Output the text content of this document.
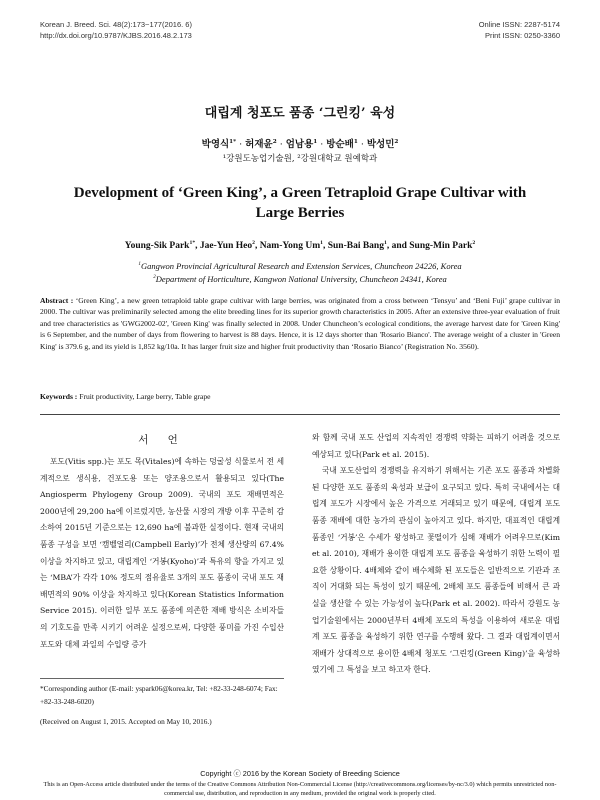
Korean J. Breed. Sci. 48(2):173~177(2016. 6)
http://dx.doi.org/10.9787/KJBS.2016.48.2.173
Online ISSN: 2287-5174
Print ISSN: 0250-3360
대립계 청포도 품종 ‘그린킹’ 육성
박영식$^{1*}$ · 허재윤$^2$ · 엄남용$^1$ · 방순배$^1$ · 박성민$^2$
¹강원도농업기술원, ²강원대학교 원예학과
Development of ‘Green King’, a Green Tetraploid Grape Cultivar with
Large Berries
Young-Sik Park$^{1*}$, Jae-Yun Heo$^2$, Nam-Yong Um$^1$, Sun-Bai Bang$^1$, and Sung-Min Park$^2$
$^1$Gangwon Provincial Agricultural Research and Extension Services, Chuncheon 24226, Korea
$^2$Department of Horticulture, Kangwon National University, Chuncheon 24341, Korea
Abstract : ‘Green King’, a new green tetraploid table grape cultivar with large berries, was originated from a cross between ‘Tensyu’ and ‘Beni Fuji’ grape cultivar in 2000. The cultivar was preliminarily selected among the elite breeding lines for its superior growth characteristics in 2005. After an extensive three-year evaluation of fruit and tree characteristics as 'GWG2002-02', 'Green King' was finally selected in 2008. Under Chuncheon’s ecological conditions, the average harvest date for 'Green King' is 6 September, and the number of days from flowering to harvest is 88 days. Hence, it is 12 days shorter than 'Rosario Bianco'. The average weight of a cluster in 'Green King' is 379.6 g, and its yield is 1,852 kg/10a. It has larger fruit size and higher fruit productivity than ‘Rosario Bianco’ (Registration No. 3560).
Keywords : Fruit productivity, Large berry, Table grape
서 언

포도(Vitis spp.)는 포도 목(Vitales)에 속하는 덩굴성 식물로서 전 세계적으로 생식용, 건포도용 또는 양조용으로서 활용되고 있다(The Angiosperm Phylogeny Group 2009). 국내의 포도 재배면적은 2000년에 29,200 ha에 이르렀지만, 농산물 시장의 개방 이후 꾸준히 감소하여 2015년 기준으로는 12,690 ha에 불과한 실정이다. 현재 국내의 품종 구성을 보면 ‘캠벨얼리(Campbell Early)’가 전체 생산량의 67.4% 이상을 차지하고 있고, 대립계인 ‘거봉(Kyoho)’과 특유의 향을 가지고 있는 ‘MBA’가 각각 10% 정도의 점유율로 3개의 포도 품종이 국내 포도 재배면적의 90% 이상을 차지하고 있다(Korean Statistics Information Service 2015). 이러한 일부 포도 품종에 의존한 재배 방식은 소비자들의 기호도를 만족 시키기 어려운 실정으로써, 다양한 풍미를 가진 수입산 포도와 대체 과일의 수입량 증가

*Corresponding author (E-mail: yspark06@korea.kr, Tel: +82-33-248-6074; Fax: +82-33-248-6020)
(Received on August 1, 2015. Accepted on May 10, 2016.)

와 함께 국내 포도 산업의 지속적인 경쟁력 약화는 피하기 어려울 것으로 예상되고 있다(Park et al. 2015).

국내 포도산업의 경쟁력을 유지하기 위해서는 기존 포도 품종과 차별화된 다양한 포도 품종의 육성과 보급이 요구되고 있다. 특히 국내에서는 대립계 포도가 시장에서 높은 가격으로 거래되고 있기 때문에, 대립계 포도 품종 재배에 대한 농가의 관심이 높아지고 있다. 하지만, 대표적인 대립계 품종인 ‘거봉’은 수세가 왕성하고 꽃떨이가 심해 재배가 어려우므로(Kim et al. 2010), 재배가 용이한 대립계 포도 품종을 육성하기 위한 노력이 필요한 상황이다. 4배체와 같이 배수체화 된 포도들은 일반적으로 기관과 조직이 거대화 되는 특성이 있기 때문에, 2배체 포도 품종들에 비해서 큰 과실을 생산할 수 있는 가능성이 높다(Park et al. 2002). 따라서 강원도 농업기술원에서는 2000년부터 4배체 포도의 특성을 이용하여 새로운 대립계 포도 품종을 육성하기 위한 연구를 수행해 왔다. 그 결과 대립계이면서 재배가 상대적으로 용이한 4배체 청포도 ‘그린킹(Green King)’을 육성하였기에 그 특성을 보고 하고자 한다.

Copyright ⓒ 2016 by the Korean Society of Breeding Science
This is an Open-Access article distributed under the terms of the Creative Commons Attribution Non-Commercial License (http://creativecommons.org/licenses/by-nc/3.0) which permits unrestricted non-commercial use, distribution, and reproduction in any medium, provided the original work is properly cited.
